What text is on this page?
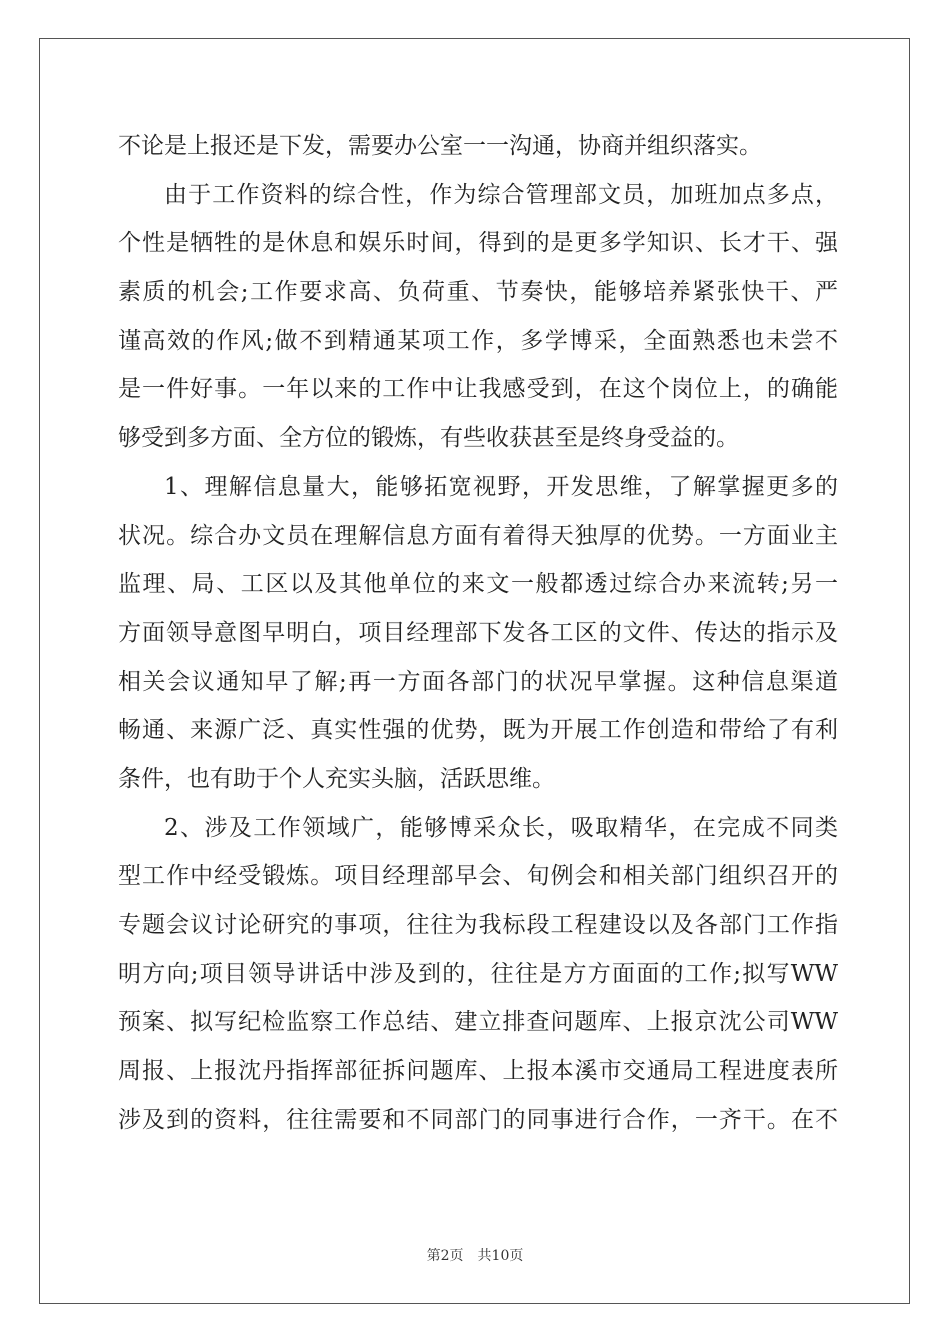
不论是上报还是下发，需要办公室一一沟通，协商并组织落实。
由于工作资料的综合性，作为综合管理部文员，加班加点多点，
个性是牺牲的是休息和娱乐时间，得到的是更多学知识、长才干、强
素质的机会;工作要求高、负荷重、节奏快，能够培养紧张快干、严
谨高效的作风;做不到精通某项工作，多学博采，全面熟悉也未尝不
是一件好事。一年以来的工作中让我感受到，在这个岗位上，的确能
够受到多方面、全方位的锻炼，有些收获甚至是终身受益的。
1、理解信息量大，能够拓宽视野，开发思维，了解掌握更多的
状况。综合办文员在理解信息方面有着得天独厚的优势。一方面业主
监理、局、工区以及其他单位的来文一般都透过综合办来流转;另一
方面领导意图早明白，项目经理部下发各工区的文件、传达的指示及
相关会议通知早了解;再一方面各部门的状况早掌握。这种信息渠道
畅通、来源广泛、真实性强的优势，既为开展工作创造和带给了有利
条件，也有助于个人充实头脑，活跃思维。
2、涉及工作领域广，能够博采众长，吸取精华，在完成不同类
型工作中经受锻炼。项目经理部早会、旬例会和相关部门组织召开的
专题会议讨论研究的事项，往往为我标段工程建设以及各部门工作指
明方向;项目领导讲话中涉及到的，往往是方方面面的工作;拟写WW
预案、拟写纪检监察工作总结、建立排查问题库、上报京沈公司WW
周报、上报沈丹指挥部征拆问题库、上报本溪市交通局工程进度表所
涉及到的资料，往往需要和不同部门的同事进行合作，一齐干。在不
第2页　共10页
